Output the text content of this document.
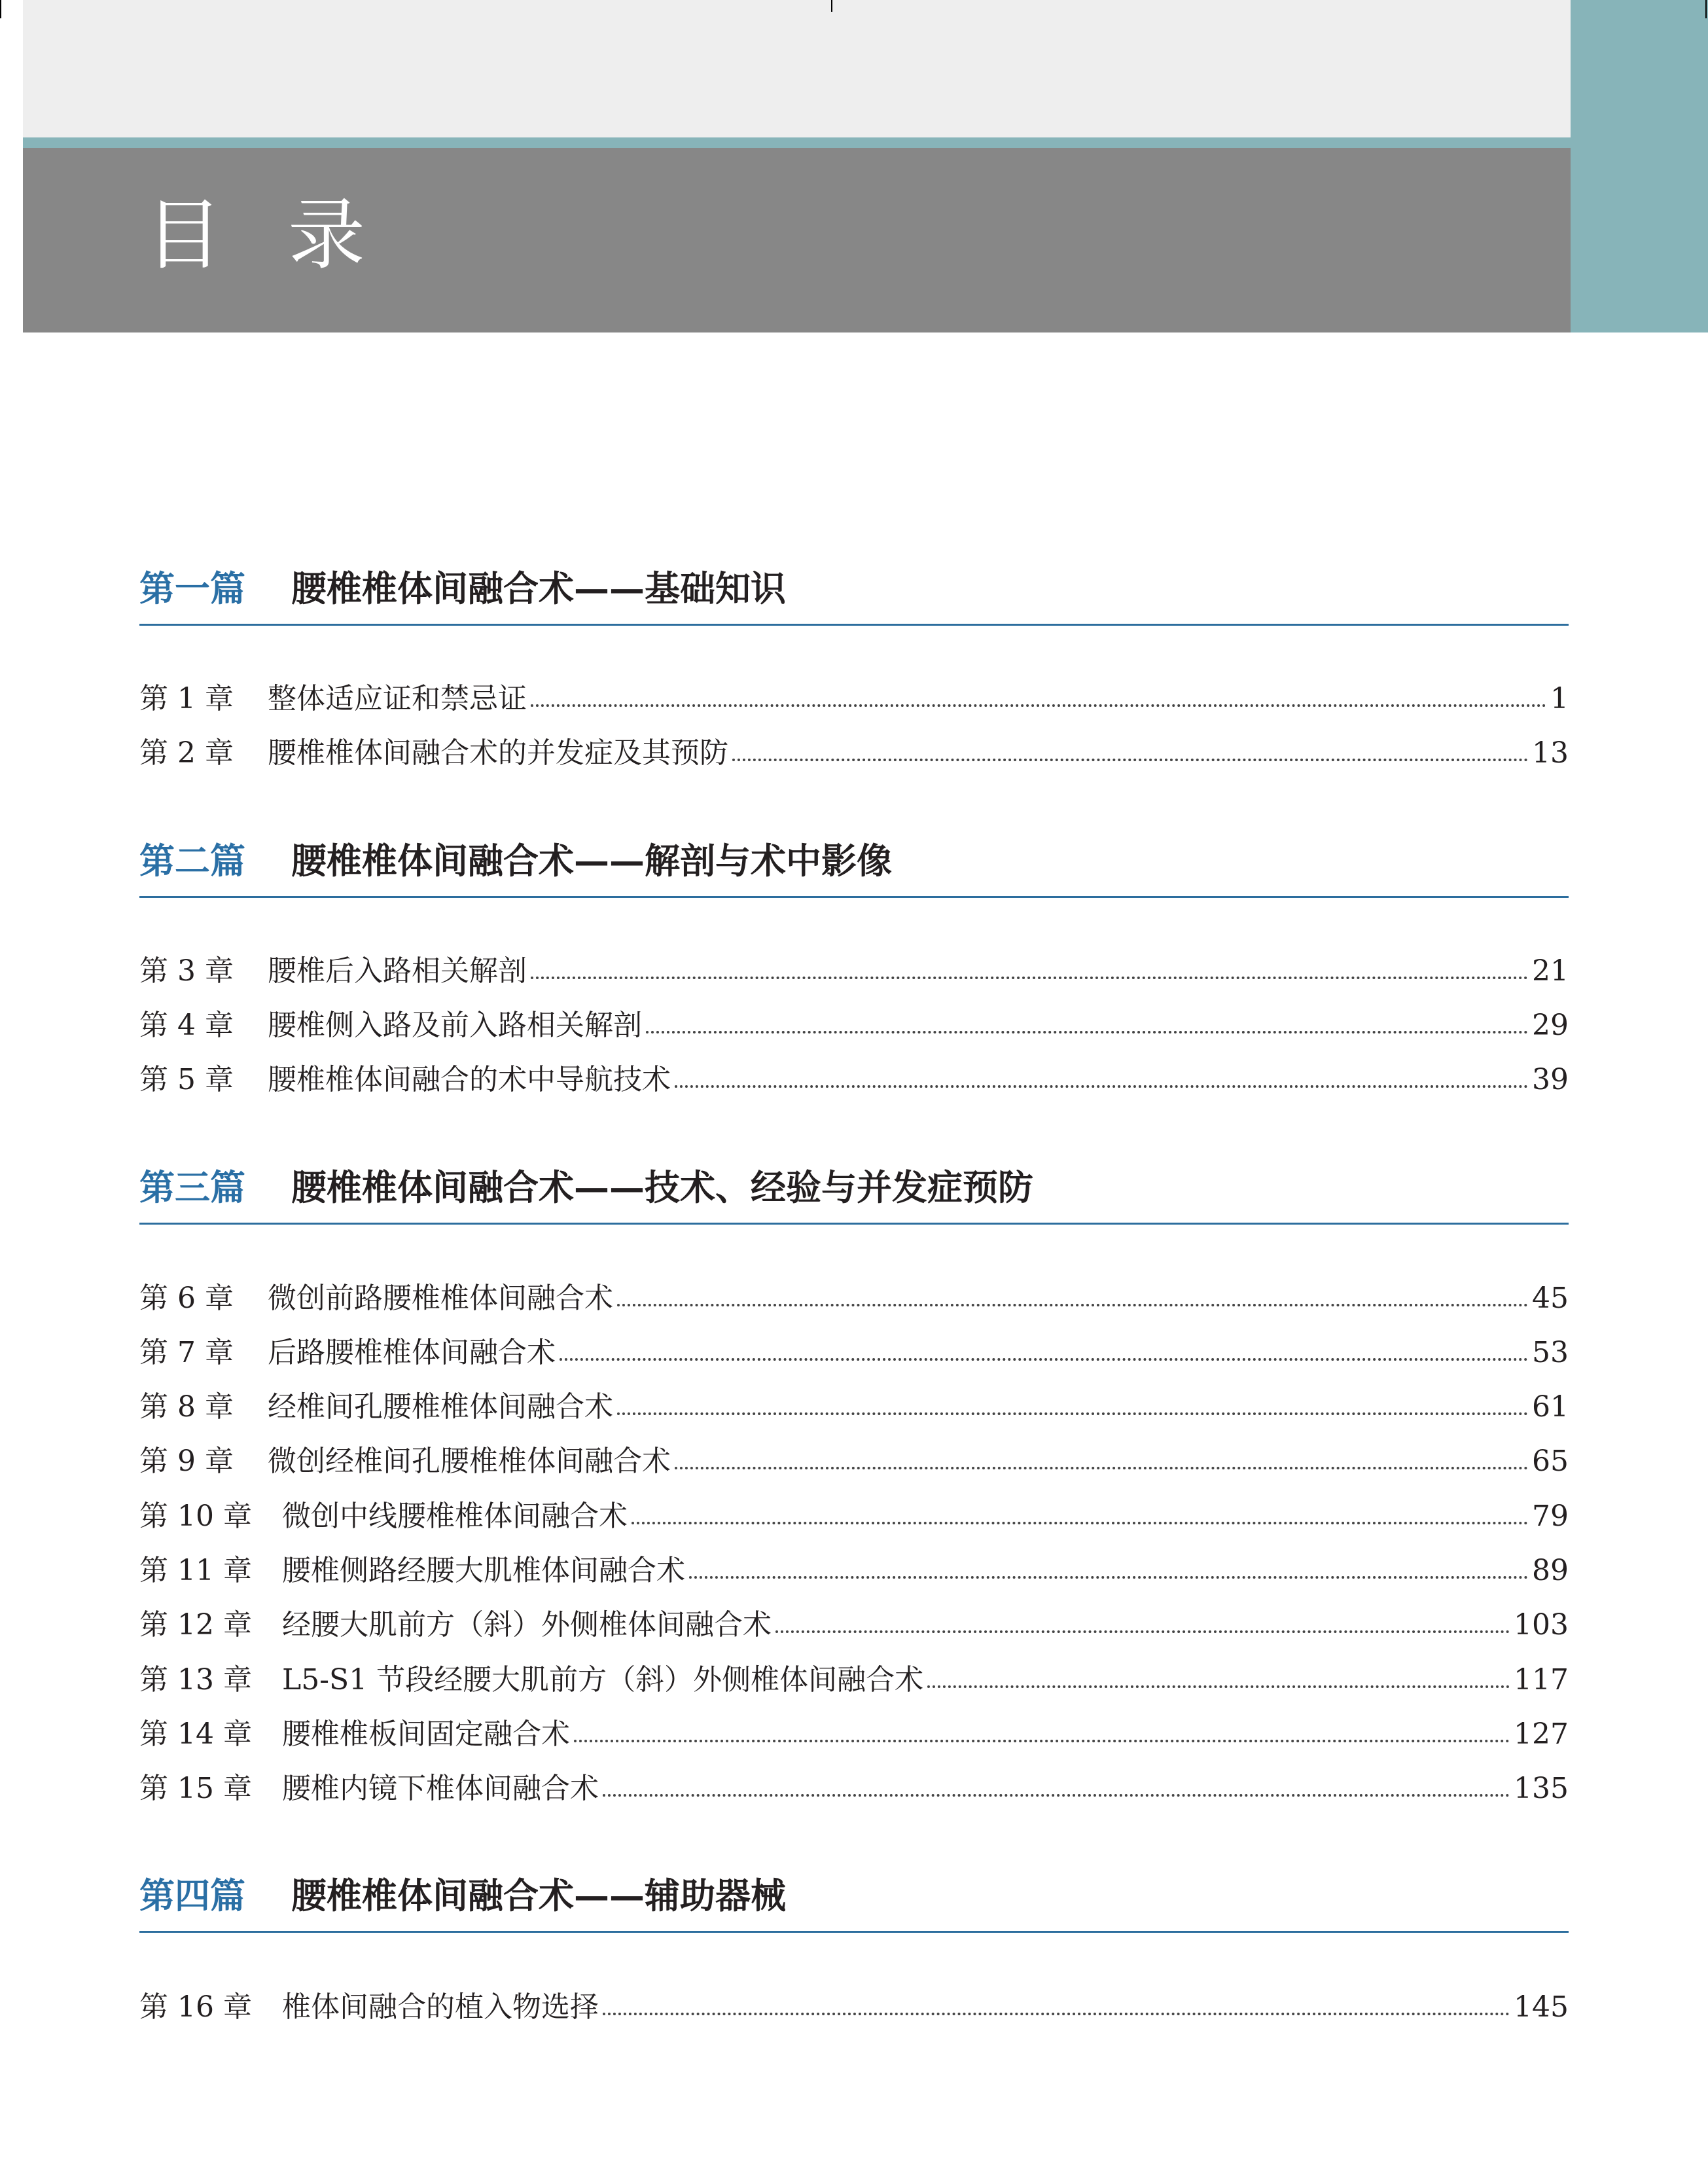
目录
第一篇 腰椎椎体间融合术——基础知识
第 1 章 整体适应证和禁忌证	1
第 2 章 腰椎椎体间融合术的并发症及其预防	13
第二篇 腰椎椎体间融合术——解剖与术中影像
第 3 章 腰椎后入路相关解剖	21
第 4 章 腰椎侧入路及前入路相关解剖	29
第 5 章 腰椎椎体间融合的术中导航技术	39
第三篇 腰椎椎体间融合术——技术、经验与并发症预防
第 6 章 微创前路腰椎椎体间融合术	45
第 7 章 后路腰椎椎体间融合术	53
第 8 章 经椎间孔腰椎椎体间融合术	61
第 9 章 微创经椎间孔腰椎椎体间融合术	65
第 10 章 微创中线腰椎椎体间融合术	79
第 11 章 腰椎侧路经腰大肌椎体间融合术	89
第 12 章 经腰大肌前方（斜）外侧椎体间融合术	103
第 13 章 L5-S1 节段经腰大肌前方（斜）外侧椎体间融合术	117
第 14 章 腰椎椎板间固定融合术	127
第 15 章 腰椎内镜下椎体间融合术	135
第四篇 腰椎椎体间融合术——辅助器械
第 16 章 椎体间融合的植入物选择	145
